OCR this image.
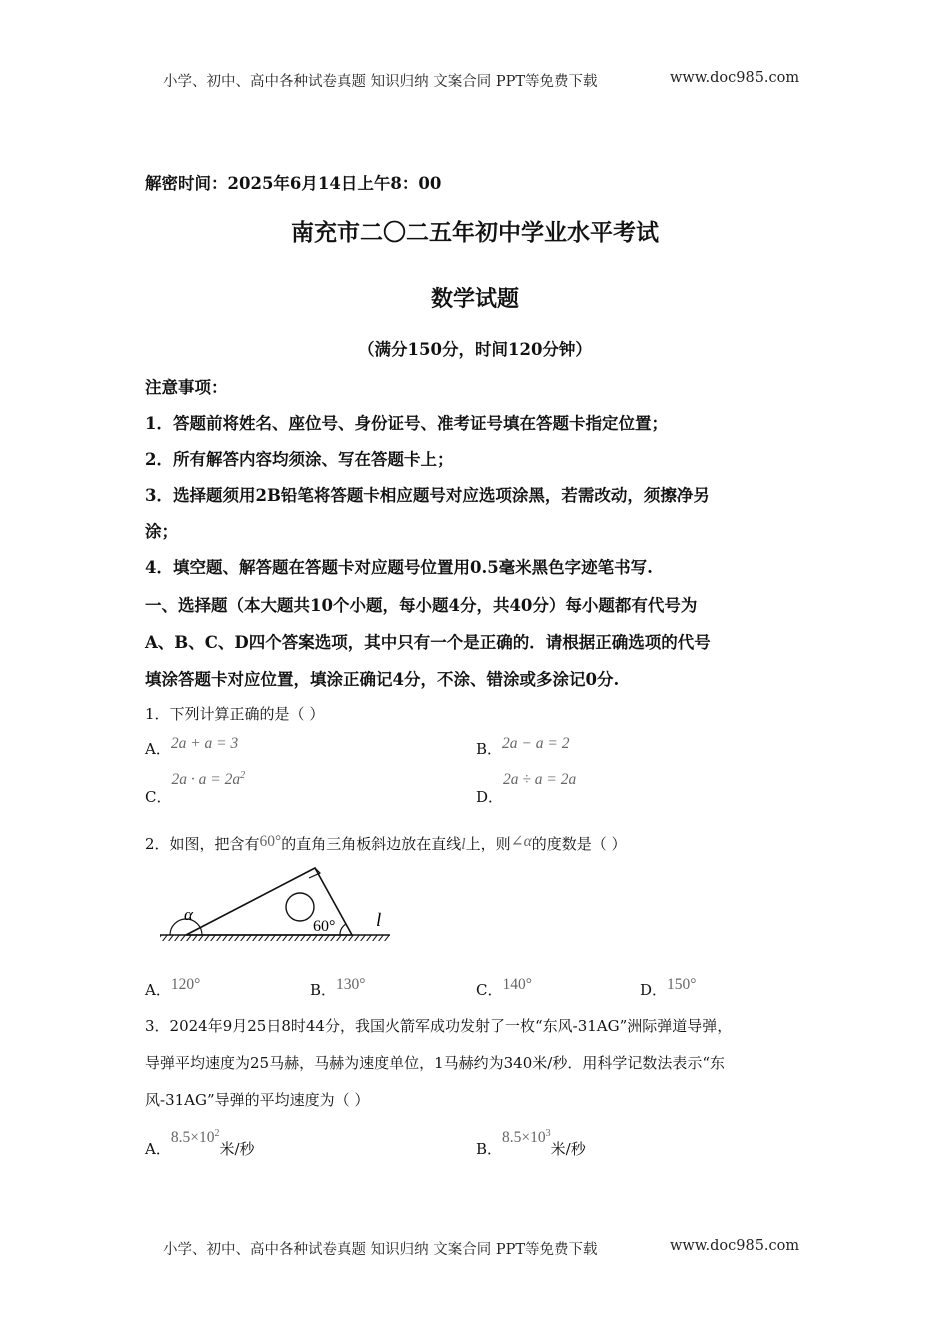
小学、初中、高中各种试卷真题 知识归纳 文案合同 PPT等免费下载	www.doc985.com
解密时间：2025年6月14日上午8：00
南充市二〇二五年初中学业水平考试
数学试题
（满分150分，时间120分钟）
注意事项：
1．答题前将姓名、座位号、身份证号、准考证号填在答题卡指定位置；
2．所有解答内容均须涂、写在答题卡上；
3．选择题须用2B铅笔将答题卡相应题号对应选项涂黑，若需改动，须擦净另
涂；
4．填空题、解答题在答题卡对应题号位置用0.5毫米黑色字迹笔书写.
一、选择题（本大题共10个小题，每小题4分，共40分）每小题都有代号为
A、B、C、D四个答案选项，其中只有一个是正确的．请根据正确选项的代号
填涂答题卡对应位置，填涂正确记4分，不涂、错涂或多涂记0分.
1．下列计算正确的是（ ）
A．2a + a = 3	B．2a − a = 2
C．$2a \cdot a = 2a^2$
D．2a ÷ a = 2a
2．如图，把含有60°的直角三角板斜边放在直线l上，则∠α的度数是（ ）
α
60° l
A．120°	B．130°	C．140°	D．150°
3．2024年9月25日8时44分，我国火箭军成功发射了一枚“东风-31AG”洲际弹道导弹，
导弹平均速度为25马赫，马赫为速度单位，1马赫约为340米/秒．用科学记数法表示“东
风-31AG”导弹的平均速度为（ ）
A．$8.5\times 10^2$米/秒	B．$8.5\times 10^3$米/秒
小学、初中、高中各种试卷真题 知识归纳 文案合同 PPT等免费下载	www.doc985.com
